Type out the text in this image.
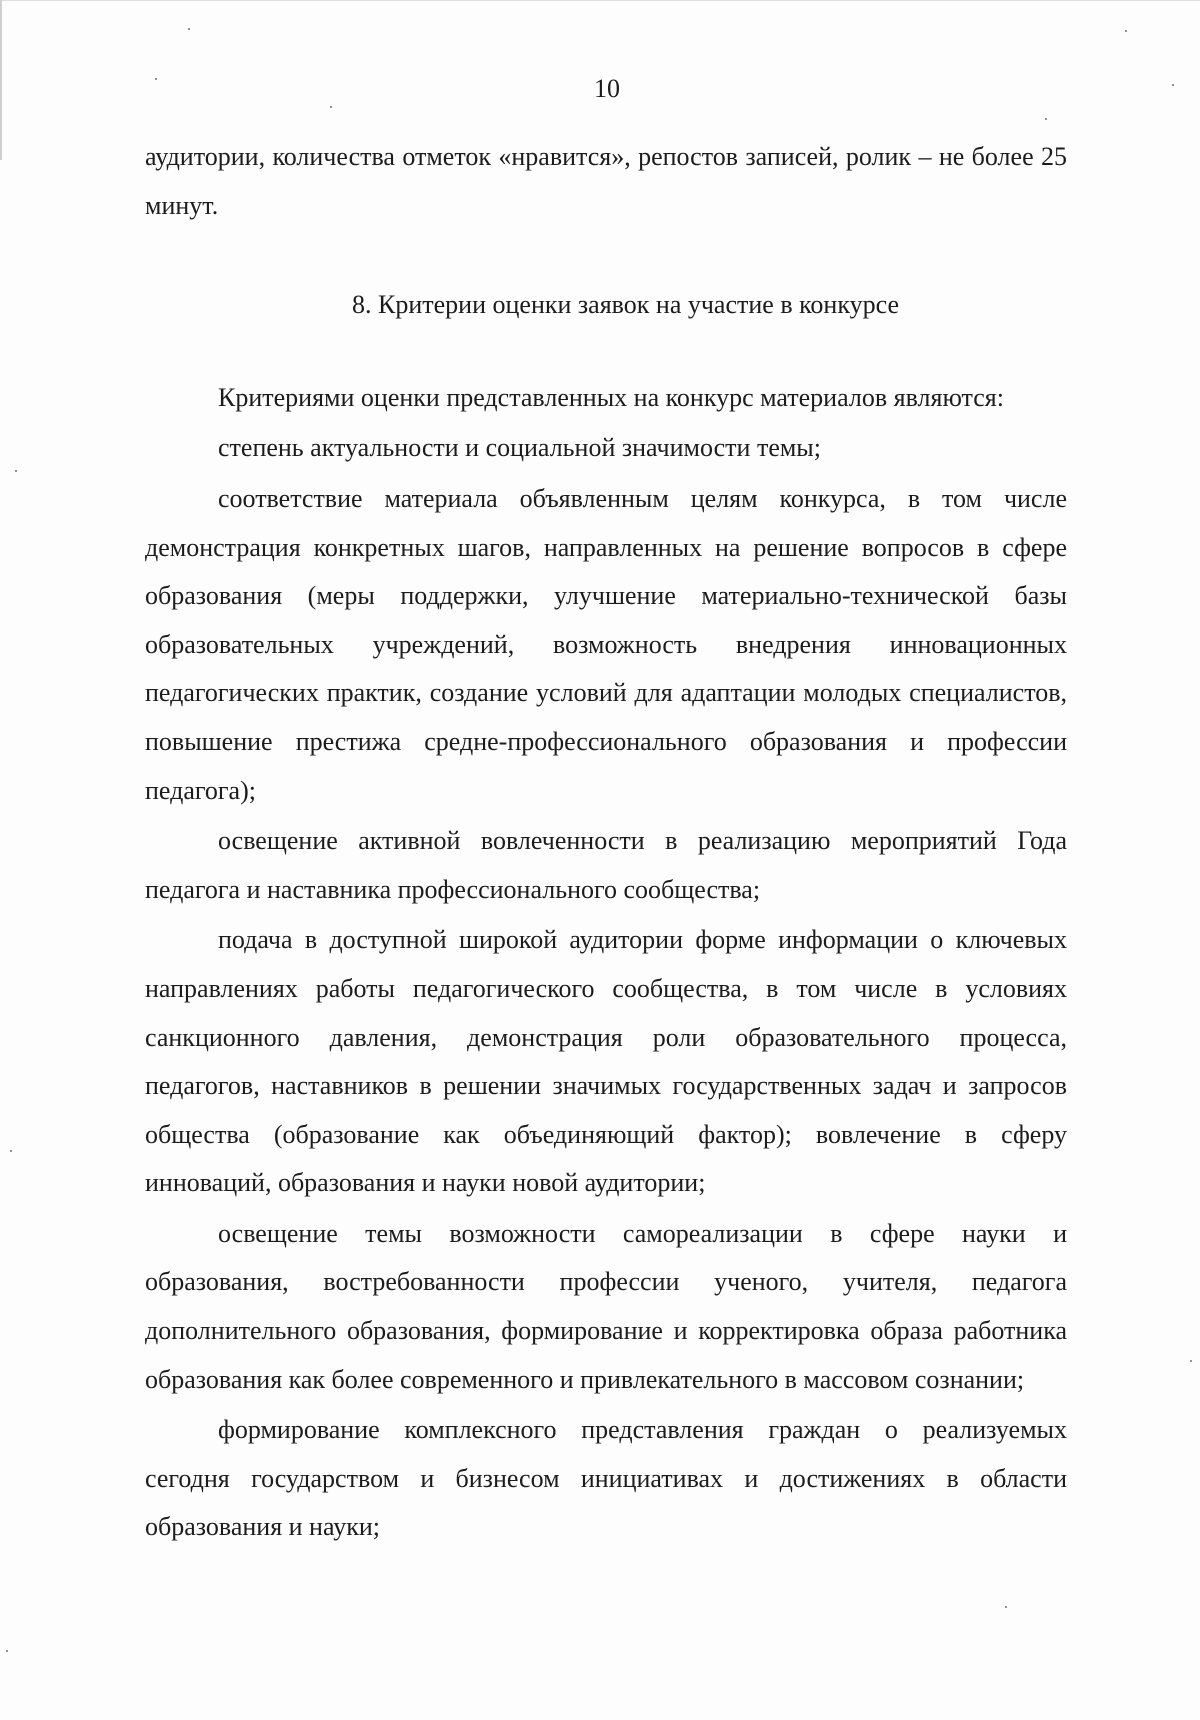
10

аудитории, количества отметок «нравится», репостов записей, ролик – не более 25 минут.

8. Критерии оценки заявок на участие в конкурсе

Критериями оценки представленных на конкурс материалов являются:

степень актуальности и социальной значимости темы;

соответствие материала объявленным целям конкурса, в том числе демонстрация конкретных шагов, направленных на решение вопросов в сфере образования (меры поддержки, улучшение материально-технической базы образовательных учреждений, возможность внедрения инновационных педагогических практик, создание условий для адаптации молодых специалистов, повышение престижа средне-профессионального образования и профессии педагога);

освещение активной вовлеченности в реализацию мероприятий Года педагога и наставника профессионального сообщества;

подача в доступной широкой аудитории форме информации о ключевых направлениях работы педагогического сообщества, в том числе в условиях санкционного давления, демонстрация роли образовательного процесса, педагогов, наставников в решении значимых государственных задач и запросов общества (образование как объединяющий фактор); вовлечение в сферу инноваций, образования и науки новой аудитории;

освещение темы возможности самореализации в сфере науки и образования, востребованности профессии ученого, учителя, педагога дополнительного образования, формирование и корректировка образа работника образования как более современного и привлекательного в массовом сознании;

формирование комплексного представления граждан о реализуемых сегодня государством и бизнесом инициативах и достижениях в области образования и науки;
